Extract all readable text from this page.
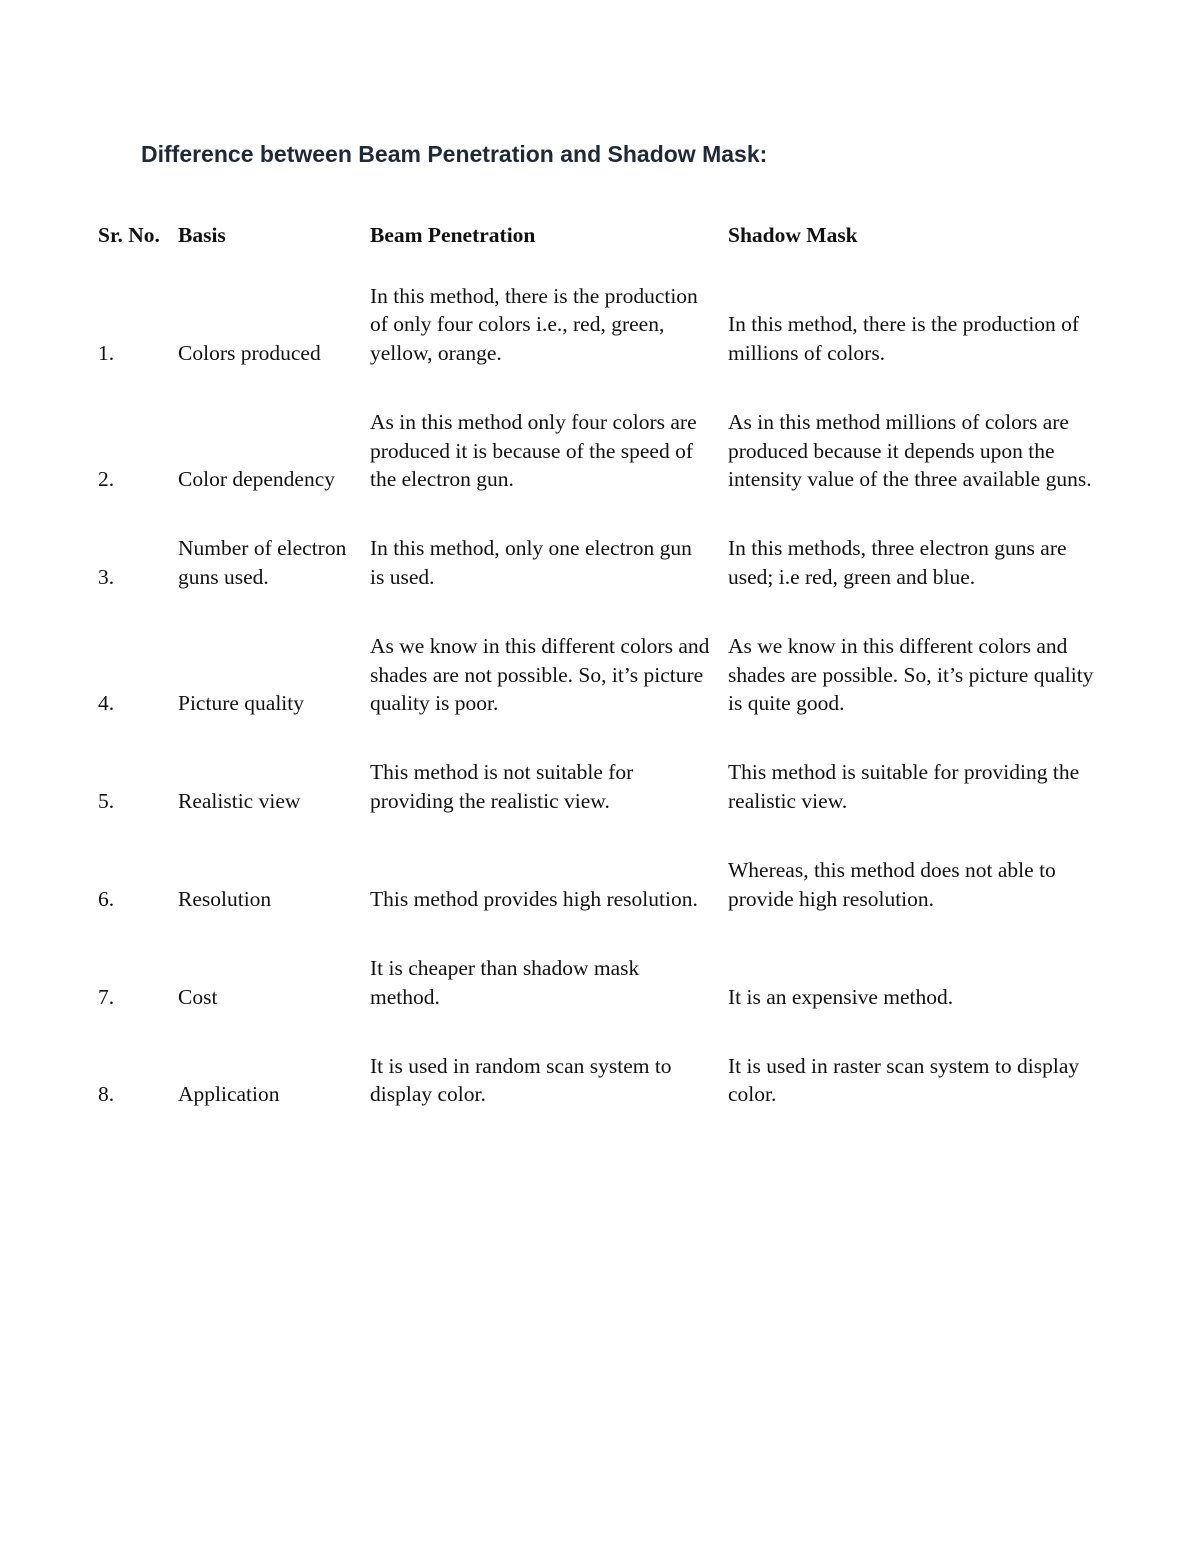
Difference between Beam Penetration and Shadow Mask:
Sr. No.	Basis	Beam Penetration	Shadow Mask
1.	Colors produced	In this method, there is the production of only four colors i.e., red, green, yellow, orange.	In this method, there is the production of millions of colors.
2.	Color dependency	As in this method only four colors are produced it is because of the speed of the electron gun.	As in this method millions of colors are produced because it depends upon the intensity value of the three available guns.
3.	Number of electron guns used.	In this method, only one electron gun is used.	In this methods, three electron guns are used; i.e red, green and blue.
4.	Picture quality	As we know in this different colors and shades are not possible. So, it’s picture quality is poor.	As we know in this different colors and shades are possible. So, it’s picture quality is quite good.
5.	Realistic view	This method is not suitable for providing the realistic view.	This method is suitable for providing the realistic view.
6.	Resolution	This method provides high resolution.	Whereas, this method does not able to provide high resolution.
7.	Cost	It is cheaper than shadow mask method.	It is an expensive method.
8.	Application	It is used in random scan system to display color.	It is used in raster scan system to display color.
